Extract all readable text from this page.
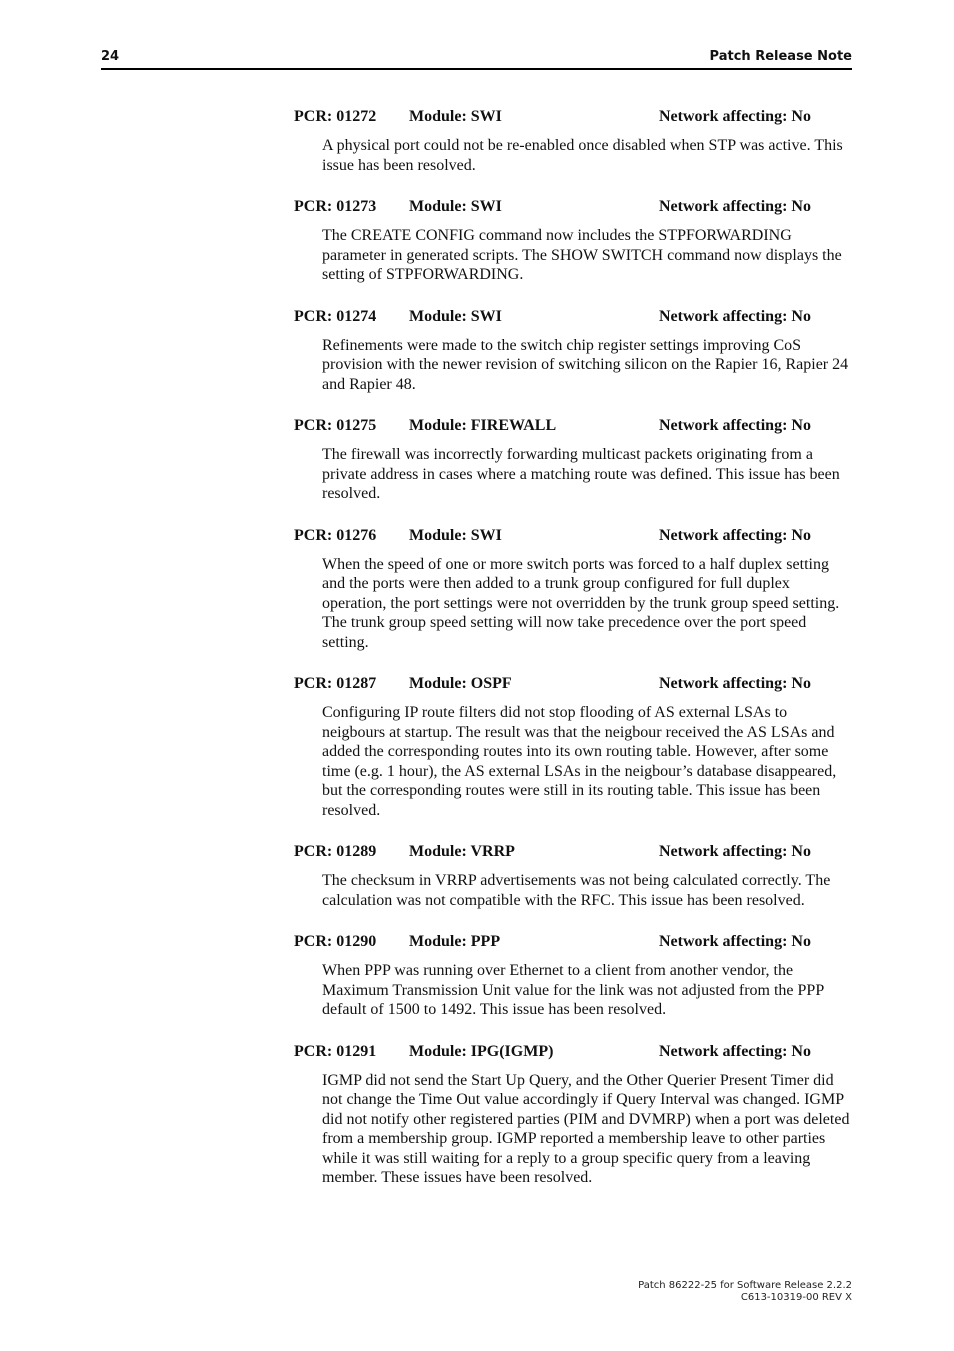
24	Patch Release Note
PCR: 01272 Module: SWI	Network affecting: No

A physical port could not be re-enabled once disabled when STP was active. This issue has been resolved.

PCR: 01273 Module: SWI	Network affecting: No

The CREATE CONFIG command now includes the STPFORWARDING parameter in generated scripts. The SHOW SWITCH command now displays the setting of STPFORWARDING.

PCR: 01274 Module: SWI	Network affecting: No

Refinements were made to the switch chip register settings improving CoS provision with the newer revision of switching silicon on the Rapier 16, Rapier 24 and Rapier 48.

PCR: 01275 Module: FIREWALL	Network affecting: No

The firewall was incorrectly forwarding multicast packets originating from a private address in cases where a matching route was defined. This issue has been resolved.

PCR: 01276 Module: SWI	Network affecting: No

When the speed of one or more switch ports was forced to a half duplex setting and the ports were then added to a trunk group configured for full duplex operation, the port settings were not overridden by the trunk group speed setting. The trunk group speed setting will now take precedence over the port speed setting.

PCR: 01287 Module: OSPF	Network affecting: No

Configuring IP route filters did not stop flooding of AS external LSAs to neigbours at startup. The result was that the neigbour received the AS LSAs and added the corresponding routes into its own routing table. However, after some time (e.g. 1 hour), the AS external LSAs in the neigbour’s database disappeared, but the corresponding routes were still in its routing table. This issue has been resolved.

PCR: 01289 Module: VRRP	Network affecting: No

The checksum in VRRP advertisements was not being calculated correctly. The calculation was not compatible with the RFC. This issue has been resolved.

PCR: 01290 Module: PPP	Network affecting: No

When PPP was running over Ethernet to a client from another vendor, the Maximum Transmission Unit value for the link was not adjusted from the PPP default of 1500 to 1492. This issue has been resolved.

PCR: 01291 Module: IPG(IGMP)	Network affecting: No

IGMP did not send the Start Up Query, and the Other Querier Present Timer did not change the Time Out value accordingly if Query Interval was changed. IGMP did not notify other registered parties (PIM and DVMRP) when a port was deleted from a membership group. IGMP reported a membership leave to other parties while it was still waiting for a reply to a group specific query from a leaving member. These issues have been resolved.

Patch 86222-25 for Software Release 2.2.2
C613-10319-00 REV X
